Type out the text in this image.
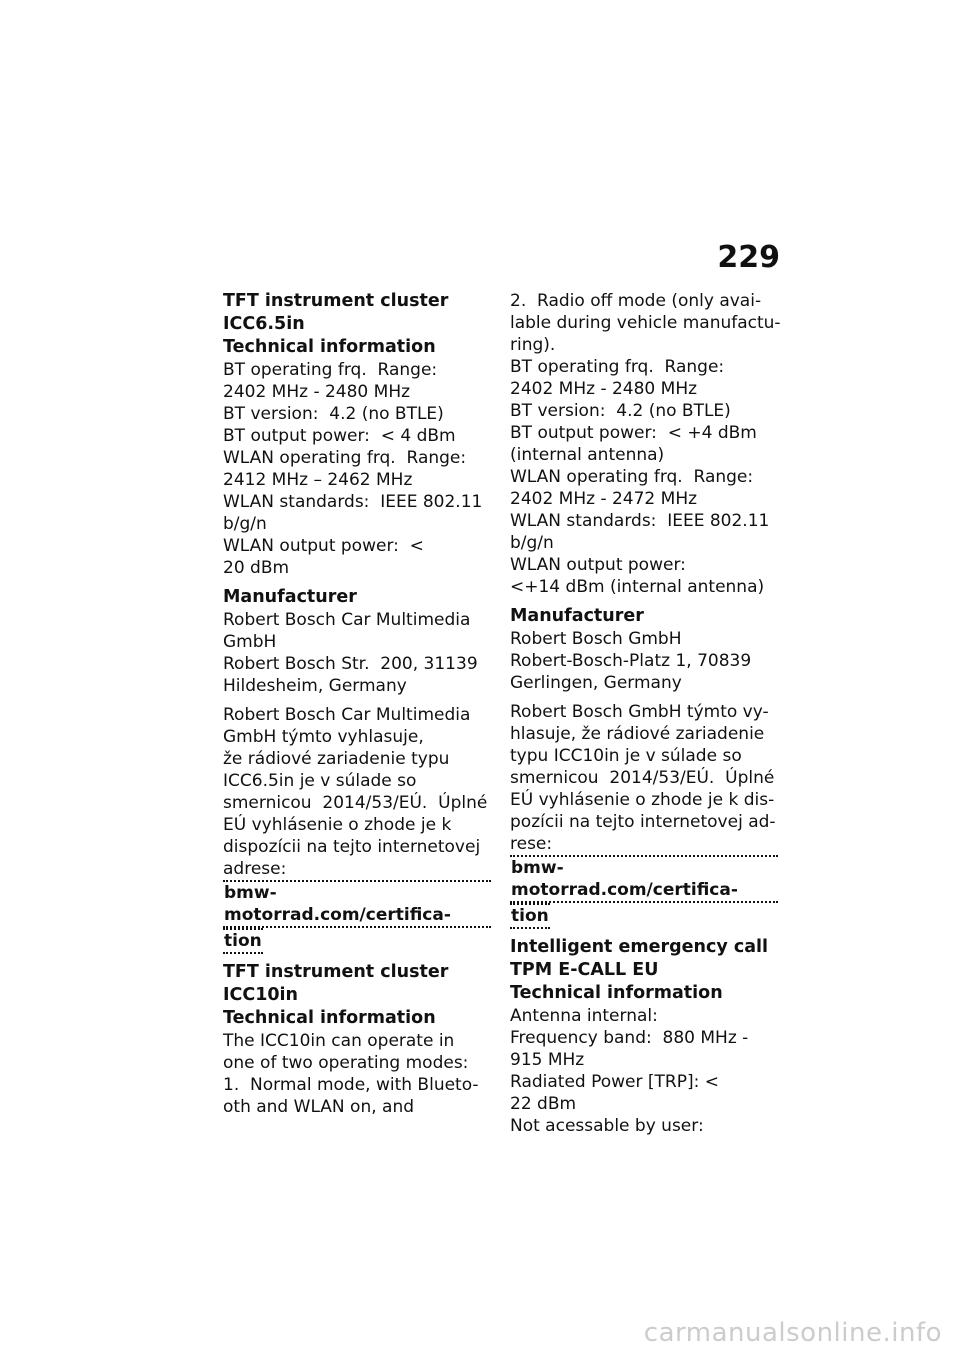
229

TFT instrument cluster

ICC6.5in

Technical information

BT operating frq.  Range:

2402 MHz - 2480 MHz

BT version:  4.2 (no BTLE)

BT output power:  < 4 dBm

WLAN operating frq.  Range:

2412 MHz – 2462 MHz

WLAN standards:  IEEE 802.11

b/g/n

WLAN output power:  <

20 dBm

Manufacturer

Robert Bosch Car Multimedia

GmbH

Robert Bosch Str.  200, 31139

Hildesheim, Germany

Robert Bosch Car Multimedia

GmbH týmto vyhlasuje,

že rádiové zariadenie typu

ICC6.5in je v súlade so

smernicou  2014/53/EÚ.  Úplné

EÚ vyhlásenie o zhode je k

dispozícii na tejto internetovej

adrese:

bmw-motorrad.com/certifica-
tion

TFT instrument cluster

ICC10in

Technical information

The ICC10in can operate in

one of two operating modes:

1.  Normal mode, with Blueto-

oth and WLAN on, and

2.  Radio off mode (only avai-

lable during vehicle manufactu-

ring).

BT operating frq.  Range:

2402 MHz - 2480 MHz

BT version:  4.2 (no BTLE)

BT output power:  < +4 dBm

(internal antenna)

WLAN operating frq.  Range:

2402 MHz - 2472 MHz

WLAN standards:  IEEE 802.11

b/g/n

WLAN output power:

<+14 dBm (internal antenna)

Manufacturer

Robert Bosch GmbH

Robert-Bosch-Platz 1, 70839

Gerlingen, Germany

Robert Bosch GmbH týmto vy-

hlasuje, že rádiové zariadenie

typu ICC10in je v súlade so

smernicou  2014/53/EÚ.  Úplné

EÚ vyhlásenie o zhode je k dis-

pozícii na tejto internetovej ad-

rese:

bmw-motorrad.com/certifica-
tion

Intelligent emergency call

TPM E-CALL EU

Technical information

Antenna internal:

Frequency band:  880 MHz -

915 MHz

Radiated Power [TRP]: <

22 dBm

Not acessable by user:

carmanualsonline.info
